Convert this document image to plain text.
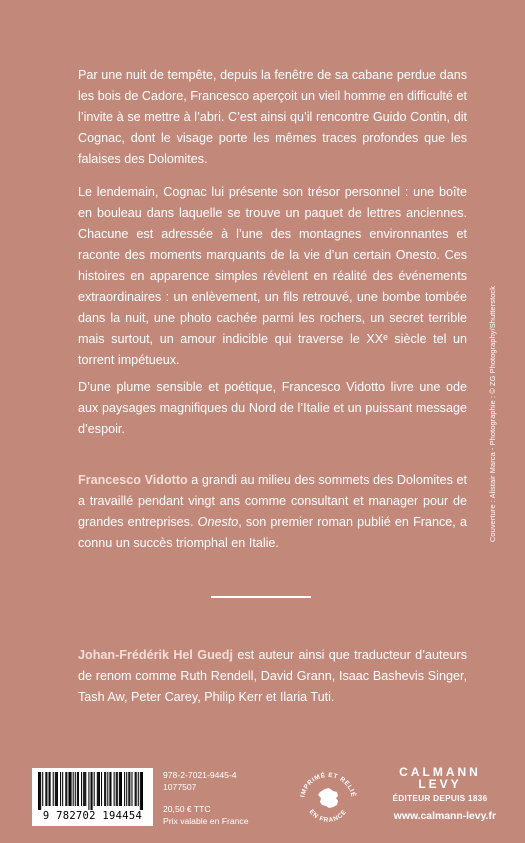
Par une nuit de tempête, depuis la fenêtre de sa cabane perdue dans les bois de Cadore, Francesco aperçoit un vieil homme en difficulté et l’invite à se mettre à l’abri. C’est ainsi qu’il rencontre Guido Contin, dit Cognac, dont le visage porte les mêmes traces profondes que les falaises des Dolomites.

Le lendemain, Cognac lui présente son trésor personnel : une boîte en bouleau dans laquelle se trouve un paquet de lettres anciennes. Chacune est adressée à l’une des montagnes environnantes et raconte des moments marquants de la vie d’un certain Onesto. Ces histoires en apparence simples révèlent en réalité des événements extraordinaires : un enlèvement, un fils retrouvé, une bombe tombée dans la nuit, une photo cachée parmi les rochers, un secret terrible mais surtout, un amour indicible qui traverse le XXᵉ siècle tel un torrent impétueux.

D’une plume sensible et poétique, Francesco Vidotto livre une ode aux paysages magnifiques du Nord de l’Italie et un puissant message d’espoir.

Francesco Vidotto a grandi au milieu des sommets des Dolomites et a travaillé pendant vingt ans comme consultant et manager pour de grandes entreprises. Onesto, son premier roman publié en France, a connu un succès triomphal en Italie.

Johan-Frédérik Hel Guedj est auteur ainsi que traducteur d’auteurs de renom comme Ruth Rendell, David Grann, Isaac Bashevis Singer, Tash Aw, Peter Carey, Philip Kerr et Ilaria Tuti.

Couverture : Alistair Marca - Photographie : © ZG Photography/Shutterstock
9 782702 194454
978-2-7021-9445-4
1077507
20,50 € TTC
Prix valable en France
IMPRIMÉ ET RELIÉ
EN FRANCE
CALMANN
LEVY
ÉDITEUR DEPUIS 1836
www.calmann-levy.fr
